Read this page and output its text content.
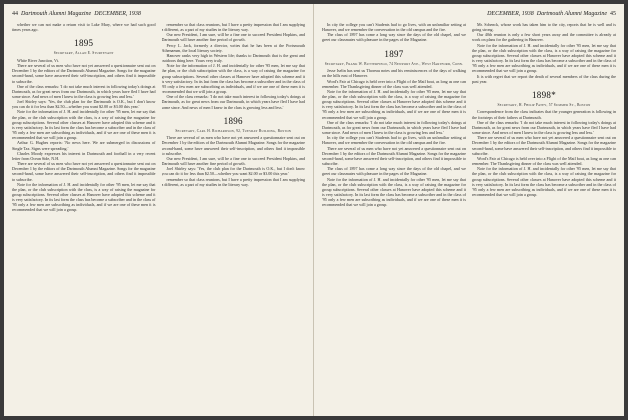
44 Dartmouth Alumni Magazine DECEMBER, 1938

whether we can not make a return visit to Lake Mary, where we had such good times years ago.

1895
Secretary, Allan E. Sturtevant

White River Junction, Vt.

There are several of us men who have not yet answered a questionnaire sent out on December 1 by the editors of the Dartmouth Alumni Magazine. Songs for the magazine second-hand, some have answered their self-inscription, and others find it impossible to subscribe.

One of the class remarks: 'I do not take much interest in following today's doings at Dartmouth, as for great news from our Dartmouth, in which years have fled I have had some since. And news of men I knew in the class is growing less and less.'

Joel Shirley says: 'Yes, the club plan for the Dartmouth is O.K., but I don't know you can do it for less than $2.50—whether you want $2.00 or $3.00 this year.'

Note for the information of J. H. and incidentally for other '95 men, let me say that the plan, or the club subscription with the class, is a way of raising the magazine for group subscriptions. Several other classes at Hanover have adopted this scheme and it is very satisfactory. In its last form the class has become a subscriber and in the class of '95 only a few men are subscribing as individuals, and if we are one of these men it is recommended that we will join a group.

Arthur G. Hughes reports: 'No news here. We are submerged in discussions of Single Tax. Signs were spreading.'

Charles Moody expresses his interest in Dartmouth and football in a very recent letter from Ocean Side, N.H.

There are several of us men who have not yet answered a questionnaire sent out on December 1 by the editors of the Dartmouth Alumni Magazine. Songs for the magazine second-hand, some have answered their self-inscription, and others find it impossible to subscribe.

Note for the information of J. H. and incidentally for other '95 men, let me say that the plan, or the club subscription with the class, is a way of raising the magazine for group subscriptions. Several other classes at Hanover have adopted this scheme and it is very satisfactory. In its last form the class has become a subscriber and in the class of '95 only a few men are subscribing as individuals, and if we are one of these men it is recommended that we will join a group.

remember so that class reunions, but I have a pretty impression that I am supplying a different, as a part of my studies in the literary way.

Our new President, I am sure, will be a fine one to succeed President Hopkins, and Dartmouth will have another fine period of growth.

Percy L. Jack, formerly a director, writes that he has been at the Portsmouth Athenaeum, the local literary society.

Hanover ranks very high in Western life; thanks to Dartmouth that is the great and outdoors thing here. Yours very truly.

Note for the information of J. H. and incidentally for other '95 men, let me say that the plan, or the club subscription with the class, is a way of raising the magazine for group subscriptions. Several other classes at Hanover have adopted this scheme and it is very satisfactory. In its last form the class has become a subscriber and in the class of '95 only a few men are subscribing as individuals, and if we are one of these men it is recommended that we will join a group.

One of the class remarks: 'I do not take much interest in following today's doings at Dartmouth, as for great news from our Dartmouth, in which years have fled I have had some since. And news of men I knew in the class is growing less and less.'

1896
Secretary, Carl H. Richardson, 92, Tuesday Building, Boston

There are several of us men who have not yet answered a questionnaire sent out on December 1 by the editors of the Dartmouth Alumni Magazine. Songs for the magazine second-hand, some have answered their self-inscription, and others find it impossible to subscribe.

Our new President, I am sure, will be a fine one to succeed President Hopkins, and Dartmouth will have another fine period of growth.

Joel Shirley says: 'Yes, the club plan for the Dartmouth is O.K., but I don't know you can do it for less than $2.50—whether you want $2.00 or $3.00 this year.'

remember so that class reunions, but I have a pretty impression that I am supplying a different, as a part of my studies in the literary way.

DECEMBER, 1938 Dartmouth Alumni Magazine 45

In city the college you can't Students had to go lives, with an unfamiliar setting at Hanover, and we remember the conversation in the old campus and the fire.

The class of 1897 has come a long way since the days of the old chapel, and we greet our classmates with pleasure in the pages of the Magazine.

1897
Secretary, Frank W. Butterfield, 74 Newport Ave., West Hartford, Conn.

Jesse Iselin has sent us Thoreau notes and his reminiscences of the days of walking on the hills east of Hanover.

Word's Fair at Chicago is held over into a Flight of the Mail boat, as long as one can remember. The Thanksgiving dinner of the class was well attended.

Note for the information of J. H. and incidentally for other '95 men, let me say that the plan, or the club subscription with the class, is a way of raising the magazine for group subscriptions. Several other classes at Hanover have adopted this scheme and it is very satisfactory. In its last form the class has become a subscriber and in the class of '95 only a few men are subscribing as individuals, and if we are one of these men it is recommended that we will join a group.

One of the class remarks: 'I do not take much interest in following today's doings at Dartmouth, as for great news from our Dartmouth, in which years have fled I have had some since. And news of men I knew in the class is growing less and less.'

In city the college you can't Students had to go lives, with an unfamiliar setting at Hanover, and we remember the conversation in the old campus and the fire.

There are several of us men who have not yet answered a questionnaire sent out on December 1 by the editors of the Dartmouth Alumni Magazine. Songs for the magazine second-hand, some have answered their self-inscription, and others find it impossible to subscribe.

The class of 1897 has come a long way since the days of the old chapel, and we greet our classmates with pleasure in the pages of the Magazine.

Note for the information of J. H. and incidentally for other '95 men, let me say that the plan, or the club subscription with the class, is a way of raising the magazine for group subscriptions. Several other classes at Hanover have adopted this scheme and it is very satisfactory. In its last form the class has become a subscriber and in the class of '95 only a few men are subscribing as individuals, and if we are one of these men it is recommended that we will join a group.

Mr. Schenck, whose work has taken him to the city, reports that he is well and is going strong.

Our 40th reunion is only a few short years away and the committee is already at work on plans for the gathering in Hanover.

Note for the information of J. H. and incidentally for other '95 men, let me say that the plan, or the club subscription with the class, is a way of raising the magazine for group subscriptions. Several other classes at Hanover have adopted this scheme and it is very satisfactory. In its last form the class has become a subscriber and in the class of '95 only a few men are subscribing as individuals, and if we are one of these men it is recommended that we will join a group.

It is with regret that we report the death of several members of the class during the past year.

1898*
Secretary, H. Philip Patey, 57 Summer St., Boston

Correspondence from the class indicates that the younger generation is following in the footsteps of their fathers at Dartmouth.

One of the class remarks: 'I do not take much interest in following today's doings at Dartmouth, as for great news from our Dartmouth, in which years have fled I have had some since. And news of men I knew in the class is growing less and less.'

There are several of us men who have not yet answered a questionnaire sent out on December 1 by the editors of the Dartmouth Alumni Magazine. Songs for the magazine second-hand, some have answered their self-inscription, and others find it impossible to subscribe.

Word's Fair at Chicago is held over into a Flight of the Mail boat, as long as one can remember. The Thanksgiving dinner of the class was well attended.

Note for the information of J. H. and incidentally for other '95 men, let me say that the plan, or the club subscription with the class, is a way of raising the magazine for group subscriptions. Several other classes at Hanover have adopted this scheme and it is very satisfactory. In its last form the class has become a subscriber and in the class of '95 only a few men are subscribing as individuals, and if we are one of these men it is recommended that we will join a group.
